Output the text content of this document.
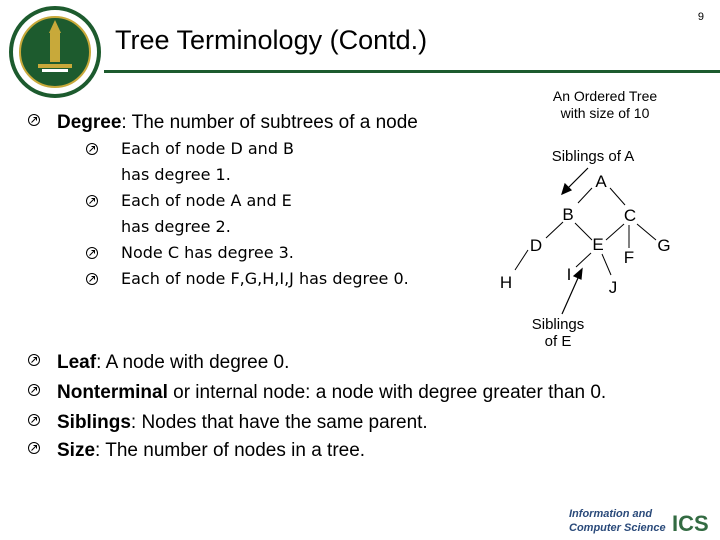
Tree Terminology (Contd.)
9
Degree: The number of subtrees of a node
Each of node D and B
has degree 1.
Each of node A and E
has degree 2.
Node C has degree 3.
Each of node F,G,H,I,J has degree 0.
Leaf: A node with degree 0.
Nonterminal or internal node: a node with degree greater than 0.
Siblings: Nodes that have the same parent.
Size: The number of nodes in a tree.
An Ordered Tree
with size of 10
Siblings of A
Siblings
of E
A
B	C
D	E
F
G
H	I
J
Information and
Computer Science ICS
